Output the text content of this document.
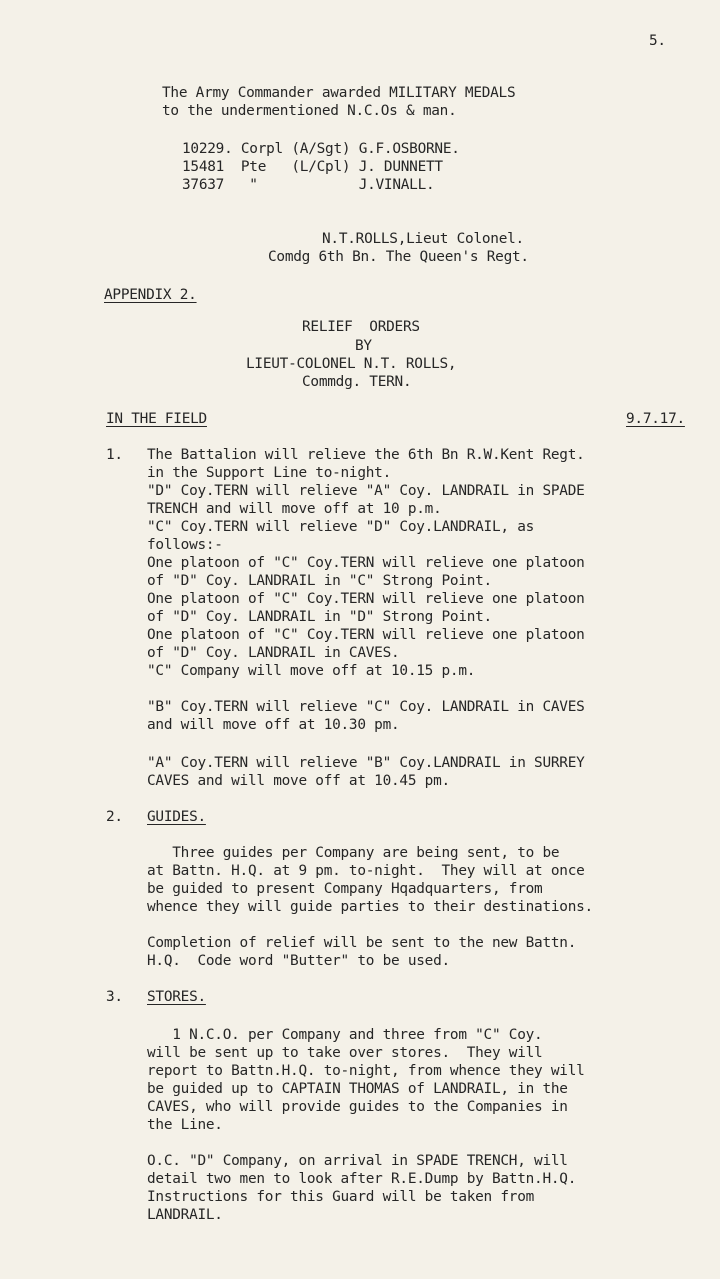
5.
The Army Commander awarded MILITARY MEDALS
to the undermentioned N.C.Os & man.
10229. Corpl (A/Sgt) G.F.OSBORNE.
15481  Pte   (L/Cpl) J. DUNNETT
37637   "            J.VINALL.
N.T.ROLLS,Lieut Colonel.
Comdg 6th Bn. The Queen's Regt.
APPENDIX 2.
RELIEF  ORDERS
BY
LIEUT-COLONEL N.T. ROLLS,
Commdg. TERN.
IN THE FIELD	9.7.17.
1. The Battalion will relieve the 6th Bn R.W.Kent Regt.
in the Support Line to-night.
"D" Coy.TERN will relieve "A" Coy. LANDRAIL in SPADE
TRENCH and will move off at 10 p.m.
"C" Coy.TERN will relieve "D" Coy.LANDRAIL, as
follows:-
One platoon of "C" Coy.TERN will relieve one platoon
of "D" Coy. LANDRAIL in "C" Strong Point.
One platoon of "C" Coy.TERN will relieve one platoon
of "D" Coy. LANDRAIL in "D" Strong Point.
One platoon of "C" Coy.TERN will relieve one platoon
of "D" Coy. LANDRAIL in CAVES.
"C" Company will move off at 10.15 p.m.
"B" Coy.TERN will relieve "C" Coy. LANDRAIL in CAVES
and will move off at 10.30 pm.
"A" Coy.TERN will relieve "B" Coy.LANDRAIL in SURREY
CAVES and will move off at 10.45 pm.
2. GUIDES.
Three guides per Company are being sent, to be
at Battn. H.Q. at 9 pm. to-night.  They will at once
be guided to present Company Hqadquarters, from
whence they will guide parties to their destinations.
Completion of relief will be sent to the new Battn.
H.Q.  Code word "Butter" to be used.
3. STORES.
1 N.C.O. per Company and three from "C" Coy.
will be sent up to take over stores.  They will
report to Battn.H.Q. to-night, from whence they will
be guided up to CAPTAIN THOMAS of LANDRAIL, in the
CAVES, who will provide guides to the Companies in
the Line.
O.C. "D" Company, on arrival in SPADE TRENCH, will
detail two men to look after R.E.Dump by Battn.H.Q.
Instructions for this Guard will be taken from
LANDRAIL.
